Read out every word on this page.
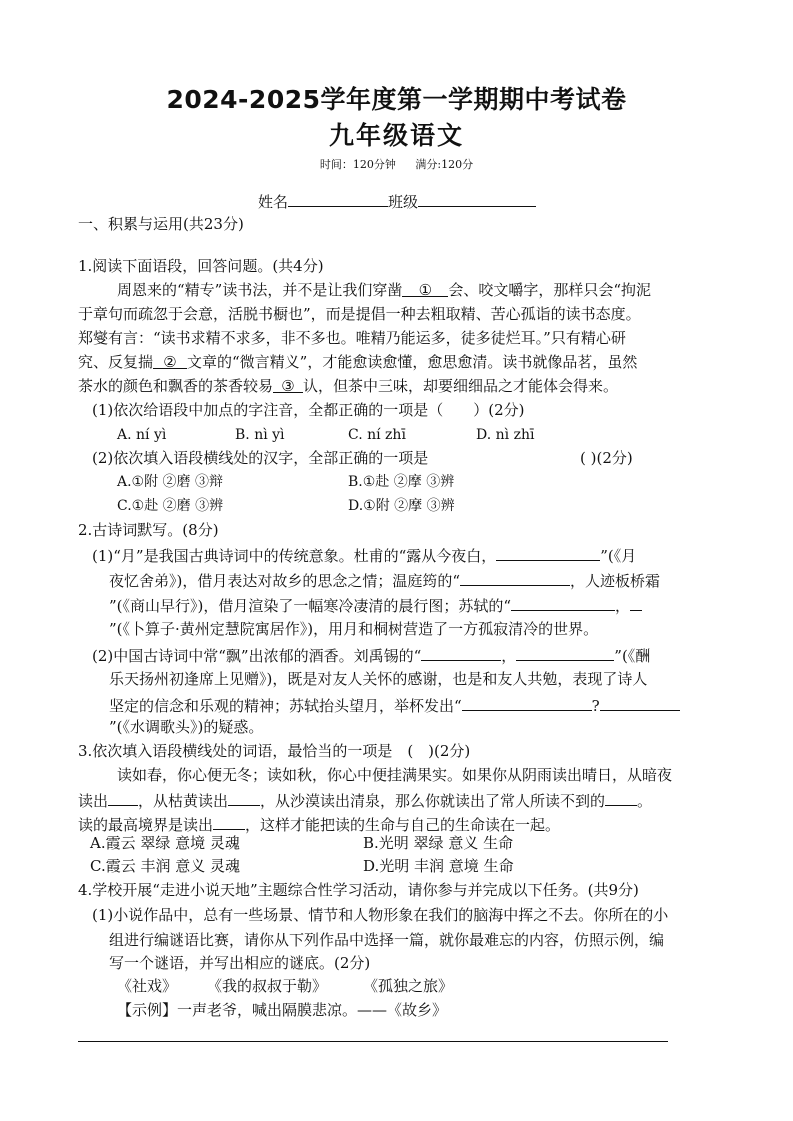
2024-2025学年度第一学期期中考试卷
九年级语文
时间：120分钟 满分:120分
姓名	班级
一、积累与运用(共23分)
1.阅读下面语段，回答问题。(共4分)
周恩来的“精专”读书法，并不是让我们穿凿 ① 会、咬文嚼字，那样只会“拘泥
于章句而疏忽于会意，活脱书橱也”，而是提倡一种去粗取精、苦心孤诣的读书态度。
郑燮有言：“读书求精不求多，非不多也。唯精乃能运多，徒多徒烂耳。”只有精心研
究、反复揣 ② 文章的“微言精义”，才能愈读愈懂，愈思愈清。读书就像品茗，虽然
茶水的颜色和飘香的茶香较易 ③ 认，但茶中三味，却要细细品之才能体会得来。
(1)依次给语段中加点的字注音，全都正确的一项是（　　）(2分)
A. ní yì	B. nì yì	C. ní zhī	D. nì zhī
(2)依次填入语段横线处的汉字，全部正确的一项是	( )(2分)
A.①附 ②磨 ③辩	B.①赴 ②摩 ③辨
C.①赴 ②磨 ③辨	D.①附 ②摩 ③辨
2.古诗词默写。(8分)
(1)“月”是我国古典诗词中的传统意象。杜甫的“露从今夜白，	”(《月
夜忆舍弟》)，借月表达对故乡的思念之情；温庭筠的“	，人迹板桥霜
”(《商山早行》)，借月渲染了一幅寒冷凄清的晨行图；苏轼的“	，
”(《卜算子·黄州定慧院寓居作》)，用月和桐树营造了一方孤寂清冷的世界。
(2)中国古诗词中常“飘”出浓郁的酒香。刘禹锡的“	，	”(《酬
乐天扬州初逢席上见赠》)，既是对友人关怀的感谢，也是和友人共勉，表现了诗人
坚定的信念和乐观的精神；苏轼抬头望月，举杯发出“	?
”(《水调歌头》)的疑惑。
3.依次填入语段横线处的词语，最恰当的一项是　(　)(2分)
读如春，你心便无冬；读如秋，你心中便挂满果实。如果你从阴雨读出晴日，从暗夜
读出 ，从枯黄读出 ，从沙漠读出清泉，那么你就读出了常人所读不到的 。
读的最高境界是读出 ，这样才能把读的生命与自己的生命读在一起。
A.霞云 翠绿 意境 灵魂	B.光明 翠绿 意义 生命
C.霞云 丰润 意义 灵魂	D.光明 丰润 意境 生命
4.学校开展“走进小说天地”主题综合性学习活动，请你参与并完成以下任务。(共9分)
(1)小说作品中，总有一些场景、情节和人物形象在我们的脑海中挥之不去。你所在的小
组进行编谜语比赛，请你从下列作品中选择一篇，就你最难忘的内容，仿照示例，编
写一个谜语，并写出相应的谜底。(2分)
《社戏》 《我的叔叔于勒》 《孤独之旅》
【示例】一声老爷，喊出隔膜悲凉。——《故乡》
